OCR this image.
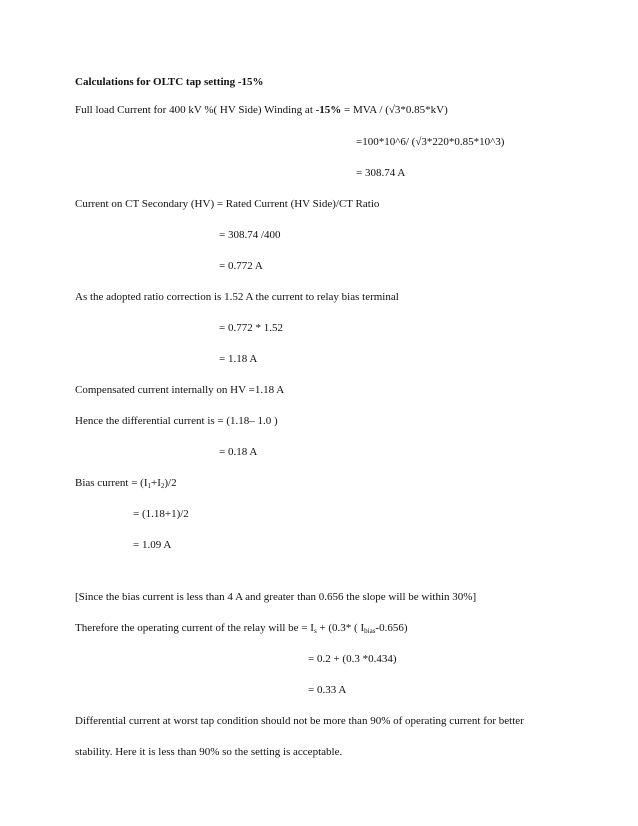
Calculations for OLTC tap setting -15%
Full load Current for 400 kV %( HV Side) Winding at -15% = MVA / (√3*0.85*kV)
=100*10^6/ (√3*220*0.85*10^3)
= 308.74 A
Current on CT Secondary (HV) = Rated Current (HV Side)/CT Ratio
= 308.74 /400
= 0.772 A
As the adopted ratio correction is 1.52 A the current to relay bias terminal
= 0.772 * 1.52
= 1.18 A
Compensated current internally on HV =1.18 A
Hence the differential current is = (1.18– 1.0 )
= 0.18 A
Bias current = $(I_1+I_2)/2$
= (1.18+1)/2
= 1.09 A
[Since the bias current is less than 4 A and greater than 0.656 the slope will be within 30%]
Therefore the operating current of the relay will be = $I_s + (0.3*$ ( $I_{bias}-0.656$)
= 0.2 + (0.3 *0.434)
= 0.33 A
Differential current at worst tap condition should not be more than 90% of operating current for better
stability. Here it is less than 90% so the setting is acceptable.
